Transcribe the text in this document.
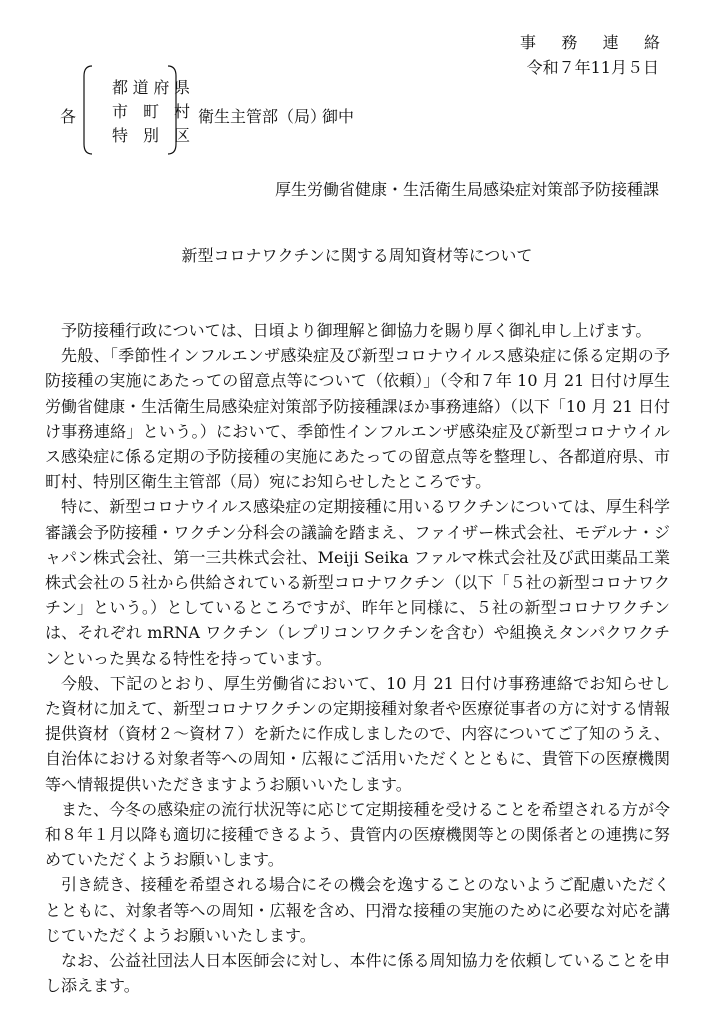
事務連絡
令和７年11月５日
各
都道府県
市町村
特別区
衛生主管部（局）
御中
厚生労働省健康・生活衛生局感染症対策部予防接種課
新型コロナワクチンに関する周知資材等について

予防接種行政については、日頃より御理解と御協力を賜り厚く御礼申し上げます。

先般、「季節性インフルエンザ感染症及び新型コロナウイルス感染症に係る定期の予防接種の実施にあたっての留意点等について（依頼）」（令和７年 10 月 21 日付け厚生労働省健康・生活衛生局感染症対策部予防接種課ほか事務連絡）（以下「10 月 21 日付け事務連絡」という。）において、季節性インフルエンザ感染症及び新型コロナウイルス感染症に係る定期の予防接種の実施にあたっての留意点等を整理し、各都道府県、市町村、特別区衛生主管部（局）宛にお知らせしたところです。

特に、新型コロナウイルス感染症の定期接種に用いるワクチンについては、厚生科学審議会予防接種・ワクチン分科会の議論を踏まえ、ファイザー株式会社、モデルナ・ジャパン株式会社、第一三共株式会社、Meiji Seika ファルマ株式会社及び武田薬品工業株式会社の５社から供給されている新型コロナワクチン（以下「５社の新型コロナワクチン」という。）としているところですが、昨年と同様に、５社の新型コロナワクチンは、それぞれ mRNA ワクチン（レプリコンワクチンを含む）や組換えタンパクワクチンといった異なる特性を持っています。

今般、下記のとおり、厚生労働省において、10 月 21 日付け事務連絡でお知らせした資材に加えて、新型コロナワクチンの定期接種対象者や医療従事者の方に対する情報提供資材（資材２～資材７）を新たに作成しましたので、内容についてご了知のうえ、自治体における対象者等への周知・広報にご活用いただくとともに、貴管下の医療機関等へ情報提供いただきますようお願いいたします。

また、今冬の感染症の流行状況等に応じて定期接種を受けることを希望される方が令和８年１月以降も適切に接種できるよう、貴管内の医療機関等との関係者との連携に努めていただくようお願いします。

引き続き、接種を希望される場合にその機会を逸することのないようご配慮いただくとともに、対象者等への周知・広報を含め、円滑な接種の実施のために必要な対応を講じていただくようお願いいたします。

なお、公益社団法人日本医師会に対し、本件に係る周知協力を依頼していることを申し添えます。
